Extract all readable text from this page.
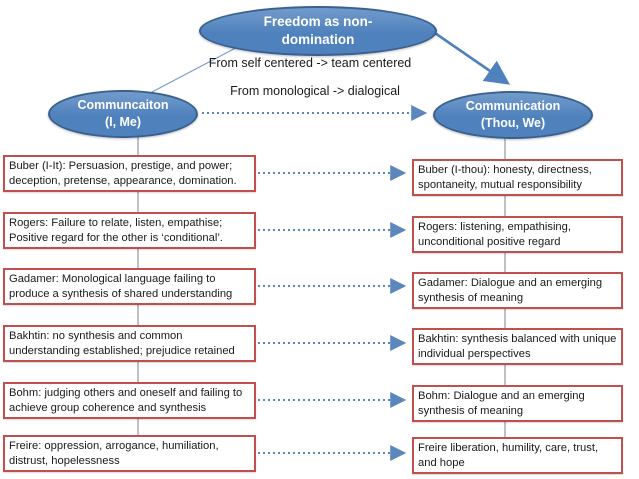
Freedom as non-
domination
Communcaiton
(I, Me)
Communication
(Thou, We)
From self centered -> team centered
From monological -> dialogical
Buber (I-It): Persuasion, prestige, and power; deception, pretense, appearance, domination.
Rogers: Failure to relate, listen, empathise; Positive regard for the other is ‘conditional’.
Gadamer: Monological language failing to produce a synthesis of shared understanding
Bakhtin: no synthesis and common understanding established; prejudice retained
Bohm: judging others and oneself and failing to achieve group coherence and synthesis
Freire: oppression, arrogance, humiliation, distrust, hopelessness
Buber (I-thou): honesty, directness, spontaneity, mutual responsibility
Rogers: listening, empathising, unconditional positive regard
Gadamer: Dialogue and an emerging synthesis of meaning
Bakhtin: synthesis balanced with unique individual perspectives
Bohm: Dialogue and an emerging synthesis of meaning
Freire liberation, humility, care, trust, and hope
